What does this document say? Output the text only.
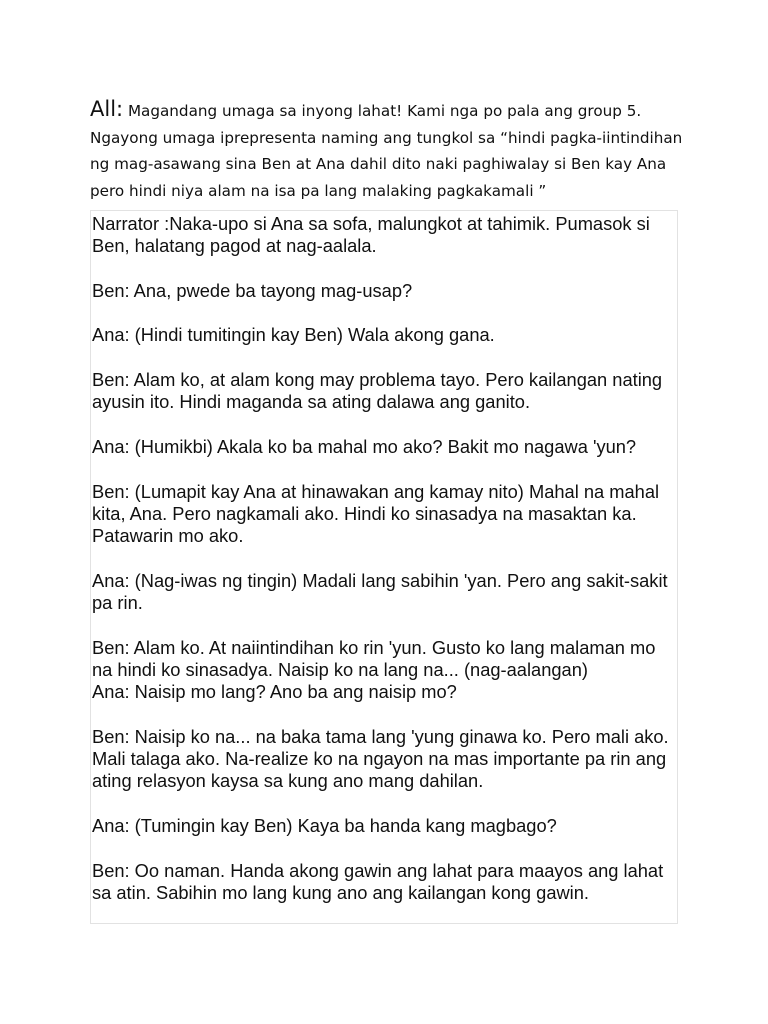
All: Magandang umaga sa inyong lahat! Kami nga po pala ang group 5. Ngayong umaga iprepresenta naming ang tungkol sa “hindi pagka-iintindihan ng mag-asawang sina Ben at Ana dahil dito naki paghiwalay si Ben kay Ana pero hindi niya alam na isa pa lang malaking pagkakamali ”

Narrator :Naka-upo si Ana sa sofa, malungkot at tahimik. Pumasok si Ben, halatang pagod at nag-aalala.

Ben: Ana, pwede ba tayong mag-usap?

Ana: (Hindi tumitingin kay Ben) Wala akong gana.

Ben: Alam ko, at alam kong may problema tayo. Pero kailangan nating ayusin ito. Hindi maganda sa ating dalawa ang ganito.

Ana: (Humikbi) Akala ko ba mahal mo ako? Bakit mo nagawa 'yun?

Ben: (Lumapit kay Ana at hinawakan ang kamay nito) Mahal na mahal kita, Ana. Pero nagkamali ako. Hindi ko sinasadya na masaktan ka. Patawarin mo ako.

Ana: (Nag-iwas ng tingin) Madali lang sabihin 'yan. Pero ang sakit-sakit pa rin.

Ben: Alam ko. At naiintindihan ko rin 'yun. Gusto ko lang malaman mo na hindi ko sinasadya. Naisip ko na lang na... (nag-aalangan)

Ana: Naisip mo lang? Ano ba ang naisip mo?

Ben: Naisip ko na... na baka tama lang 'yung ginawa ko. Pero mali ako. Mali talaga ako. Na-realize ko na ngayon na mas importante pa rin ang ating relasyon kaysa sa kung ano mang dahilan.

Ana: (Tumingin kay Ben) Kaya ba handa kang magbago?

Ben: Oo naman. Handa akong gawin ang lahat para maayos ang lahat sa atin. Sabihin mo lang kung ano ang kailangan kong gawin.
